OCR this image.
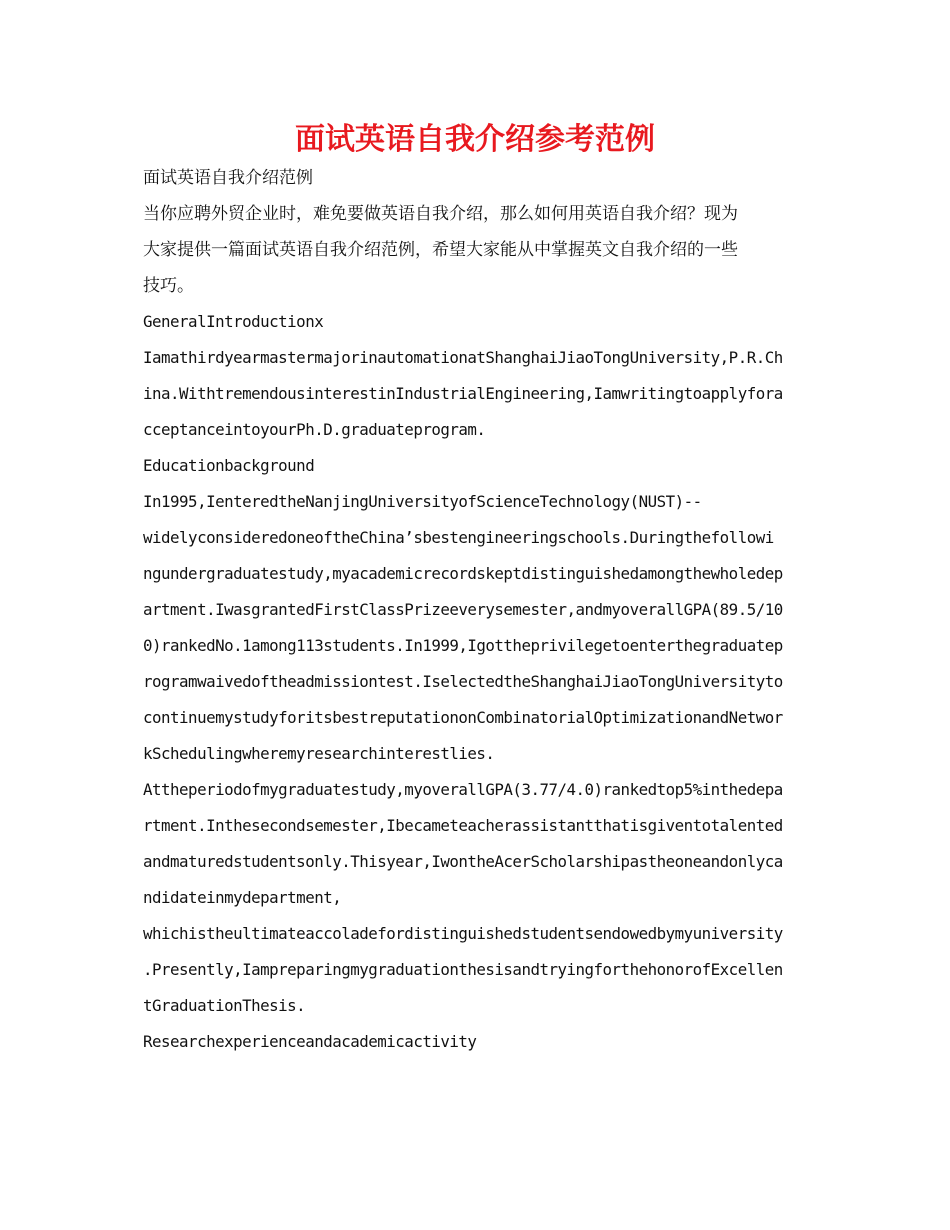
面试英语自我介绍参考范例
面试英语自我介绍范例
当你应聘外贸企业时，难免要做英语自我介绍，那么如何用英语自我介绍？现为
大家提供一篇面试英语自我介绍范例，希望大家能从中掌握英文自我介绍的一些
技巧。
GeneralIntroductionx
IamathirdyearmastermajorinautomationatShanghaiJiaoTongUniversity,P.R.Ch
ina.WithtremendousinterestinIndustrialEngineering,Iamwritingtoapplyfora
cceptanceintoyourPh.D.graduateprogram.
Educationbackground
In1995,IenteredtheNanjingUniversityofScienceTechnology(NUST)--
widelyconsideredoneoftheChina’sbestengineeringschools.Duringthefollowi
ngundergraduatestudy,myacademicrecordskeptdistinguishedamongthewholedep
artment.IwasgrantedFirstClassPrizeeverysemester,andmyoverallGPA(89.5/10
0)rankedNo.1among113students.In1999,Igottheprivilegetoenterthegraduatep
rogramwaivedoftheadmissiontest.IselectedtheShanghaiJiaoTongUniversityto
continuemystudyforitsbestreputationonCombinatorialOptimizationandNetwor
kSchedulingwheremyresearchinterestlies.
Attheperiodofmygraduatestudy,myoverallGPA(3.77/4.0)rankedtop5%inthedepa
rtment.Inthesecondsemester,Ibecameteacherassistantthatisgiventotalented
andmaturedstudentsonly.Thisyear,IwontheAcerScholarshipastheoneandonlyca
ndidateinmydepartment,
whichistheultimateaccoladefordistinguishedstudentsendowedbymyuniversity
.Presently,IampreparingmygraduationthesisandtryingforthehonorofExcellen
tGraduationThesis.
Researchexperienceandacademicactivity
